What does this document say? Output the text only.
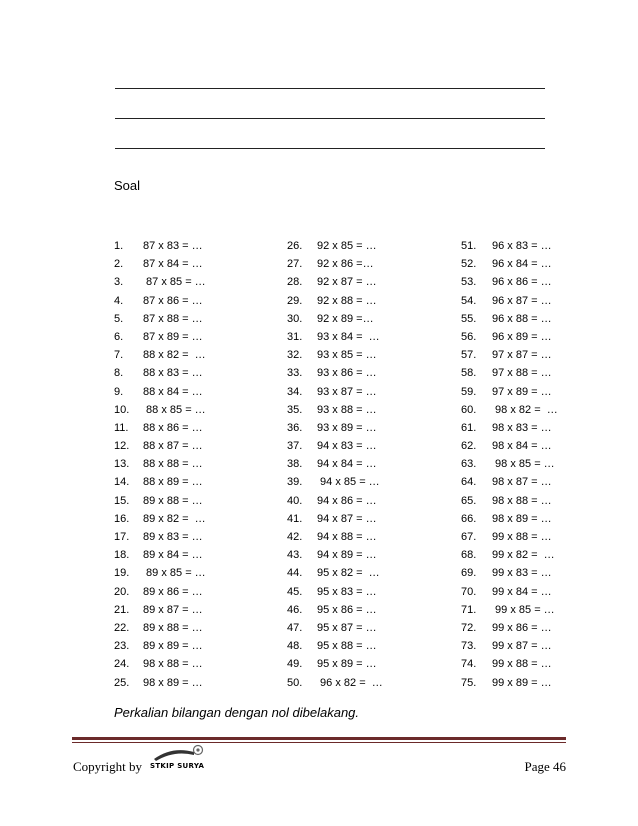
Soal
1. 87 x 83 = …
2. 87 x 84 = …
3. 87 x 85 = …
4. 87 x 86 = …
5. 87 x 88 = …
6. 87 x 89 = …
7. 88 x 82 =  …
8. 88 x 83 = …
9. 88 x 84 = …
10. 88 x 85 = …
11. 88 x 86 = …
12. 88 x 87 = …
13. 88 x 88 = …
14. 88 x 89 = …
15. 89 x 88 = …
16. 89 x 82 =  …
17. 89 x 83 = …
18. 89 x 84 = …
19. 89 x 85 = …
20. 89 x 86 = …
21. 89 x 87 = …
22. 89 x 88 = …
23. 89 x 89 = …
24. 98 x 88 = …
25. 98 x 89 = …
26. 92 x 85 = …
27. 92 x 86 =…
28. 92 x 87 = …
29. 92 x 88 = …
30. 92 x 89 =…
31. 93 x 84 =  …
32. 93 x 85 = …
33. 93 x 86 = …
34. 93 x 87 = …
35. 93 x 88 = …
36. 93 x 89 = …
37. 94 x 83 = …
38. 94 x 84 = …
39. 94 x 85 = …
40. 94 x 86 = …
41. 94 x 87 = …
42. 94 x 88 = …
43. 94 x 89 = …
44. 95 x 82 =  …
45. 95 x 83 = …
46. 95 x 86 = …
47. 95 x 87 = …
48. 95 x 88 = …
49. 95 x 89 = …
50. 96 x 82 =  …
51. 96 x 83 = …
52. 96 x 84 = …
53. 96 x 86 = …
54. 96 x 87 = …
55. 96 x 88 = …
56. 96 x 89 = …
57. 97 x 87 = …
58. 97 x 88 = …
59. 97 x 89 = …
60. 98 x 82 =  …
61. 98 x 83 = …
62. 98 x 84 = …
63. 98 x 85 = …
64. 98 x 87 = …
65. 98 x 88 = …
66. 98 x 89 = …
67. 99 x 88 = …
68. 99 x 82 =  …
69. 99 x 83 = …
70. 99 x 84 = …
71. 99 x 85 = …
72. 99 x 86 = …
73. 99 x 87 = …
74. 99 x 88 = …
75. 99 x 89 = …
Perkalian bilangan dengan nol dibelakang.
Copyright by STKIP SURYA	Page 46
